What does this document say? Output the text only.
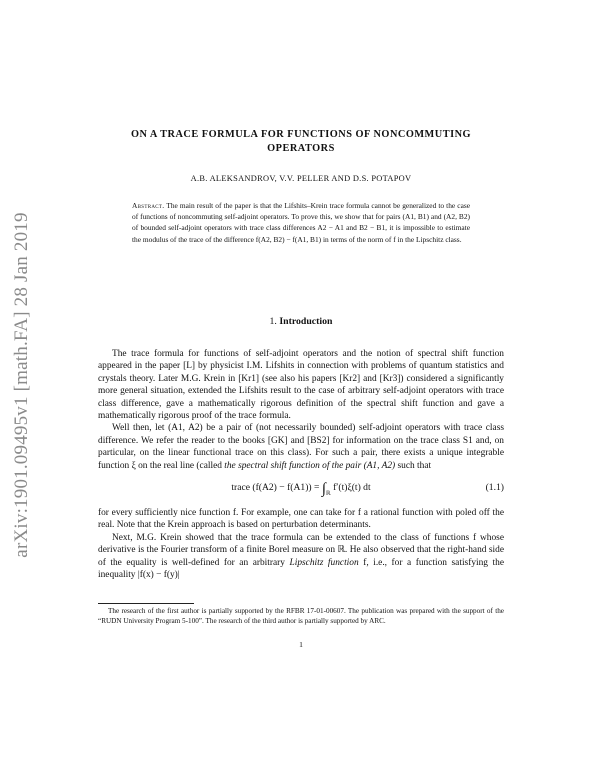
arXiv:1901.09495v1 [math.FA] 28 Jan 2019
ON A TRACE FORMULA FOR FUNCTIONS OF NONCOMMUTING OPERATORS
A.B. ALEKSANDROV, V.V. PELLER AND D.S. POTAPOV
Abstract. The main result of the paper is that the Lifshits–Krein trace formula cannot be generalized to the case of functions of noncommuting self-adjoint operators. To prove this, we show that for pairs (A1, B1) and (A2, B2) of bounded self-adjoint operators with trace class differences A2 − A1 and B2 − B1, it is impossible to estimate the modulus of the trace of the difference f(A2, B2) − f(A1, B1) in terms of the norm of f in the Lipschitz class.
1. Introduction

The trace formula for functions of self-adjoint operators and the notion of spectral shift function appeared in the paper [L] by physicist I.M. Lifshits in connection with problems of quantum statistics and crystals theory. Later M.G. Krein in [Kr1] (see also his papers [Kr2] and [Kr3]) considered a significantly more general situation, extended the Lifshits result to the case of arbitrary self-adjoint operators with trace class difference, gave a mathematically rigorous definition of the spectral shift function and gave a mathematically rigorous proof of the trace formula.

Well then, let (A1, A2) be a pair of (not necessarily bounded) self-adjoint operators with trace class difference. We refer the reader to the books [GK] and [BS2] for information on the trace class S1 and, on particular, on the linear functional trace on this class). For such a pair, there exists a unique integrable function ξ on the real line (called the spectral shift function of the pair (A1, A2) such that

trace $(f(A2) - f(A1)) = \int_ℝ$ f′(t)ξ(t) dt	(1.1)

for every sufficiently nice function f. For example, one can take for f a rational function with poled off the real. Note that the Krein approach is based on perturbation determinants.

Next, M.G. Krein showed that the trace formula can be extended to the class of functions f whose derivative is the Fourier transform of a finite Borel measure on ℝ. He also observed that the right-hand side of the equality is well-defined for an arbitrary Lipschitz function f, i.e., for a function satisfying the inequality |f(x) − f(y)|

The research of the first author is partially supported by the RFBR 17-01-00607. The publication was prepared with the support of the “RUDN University Program 5-100”. The research of the third author is partially supported by ARC.

1
